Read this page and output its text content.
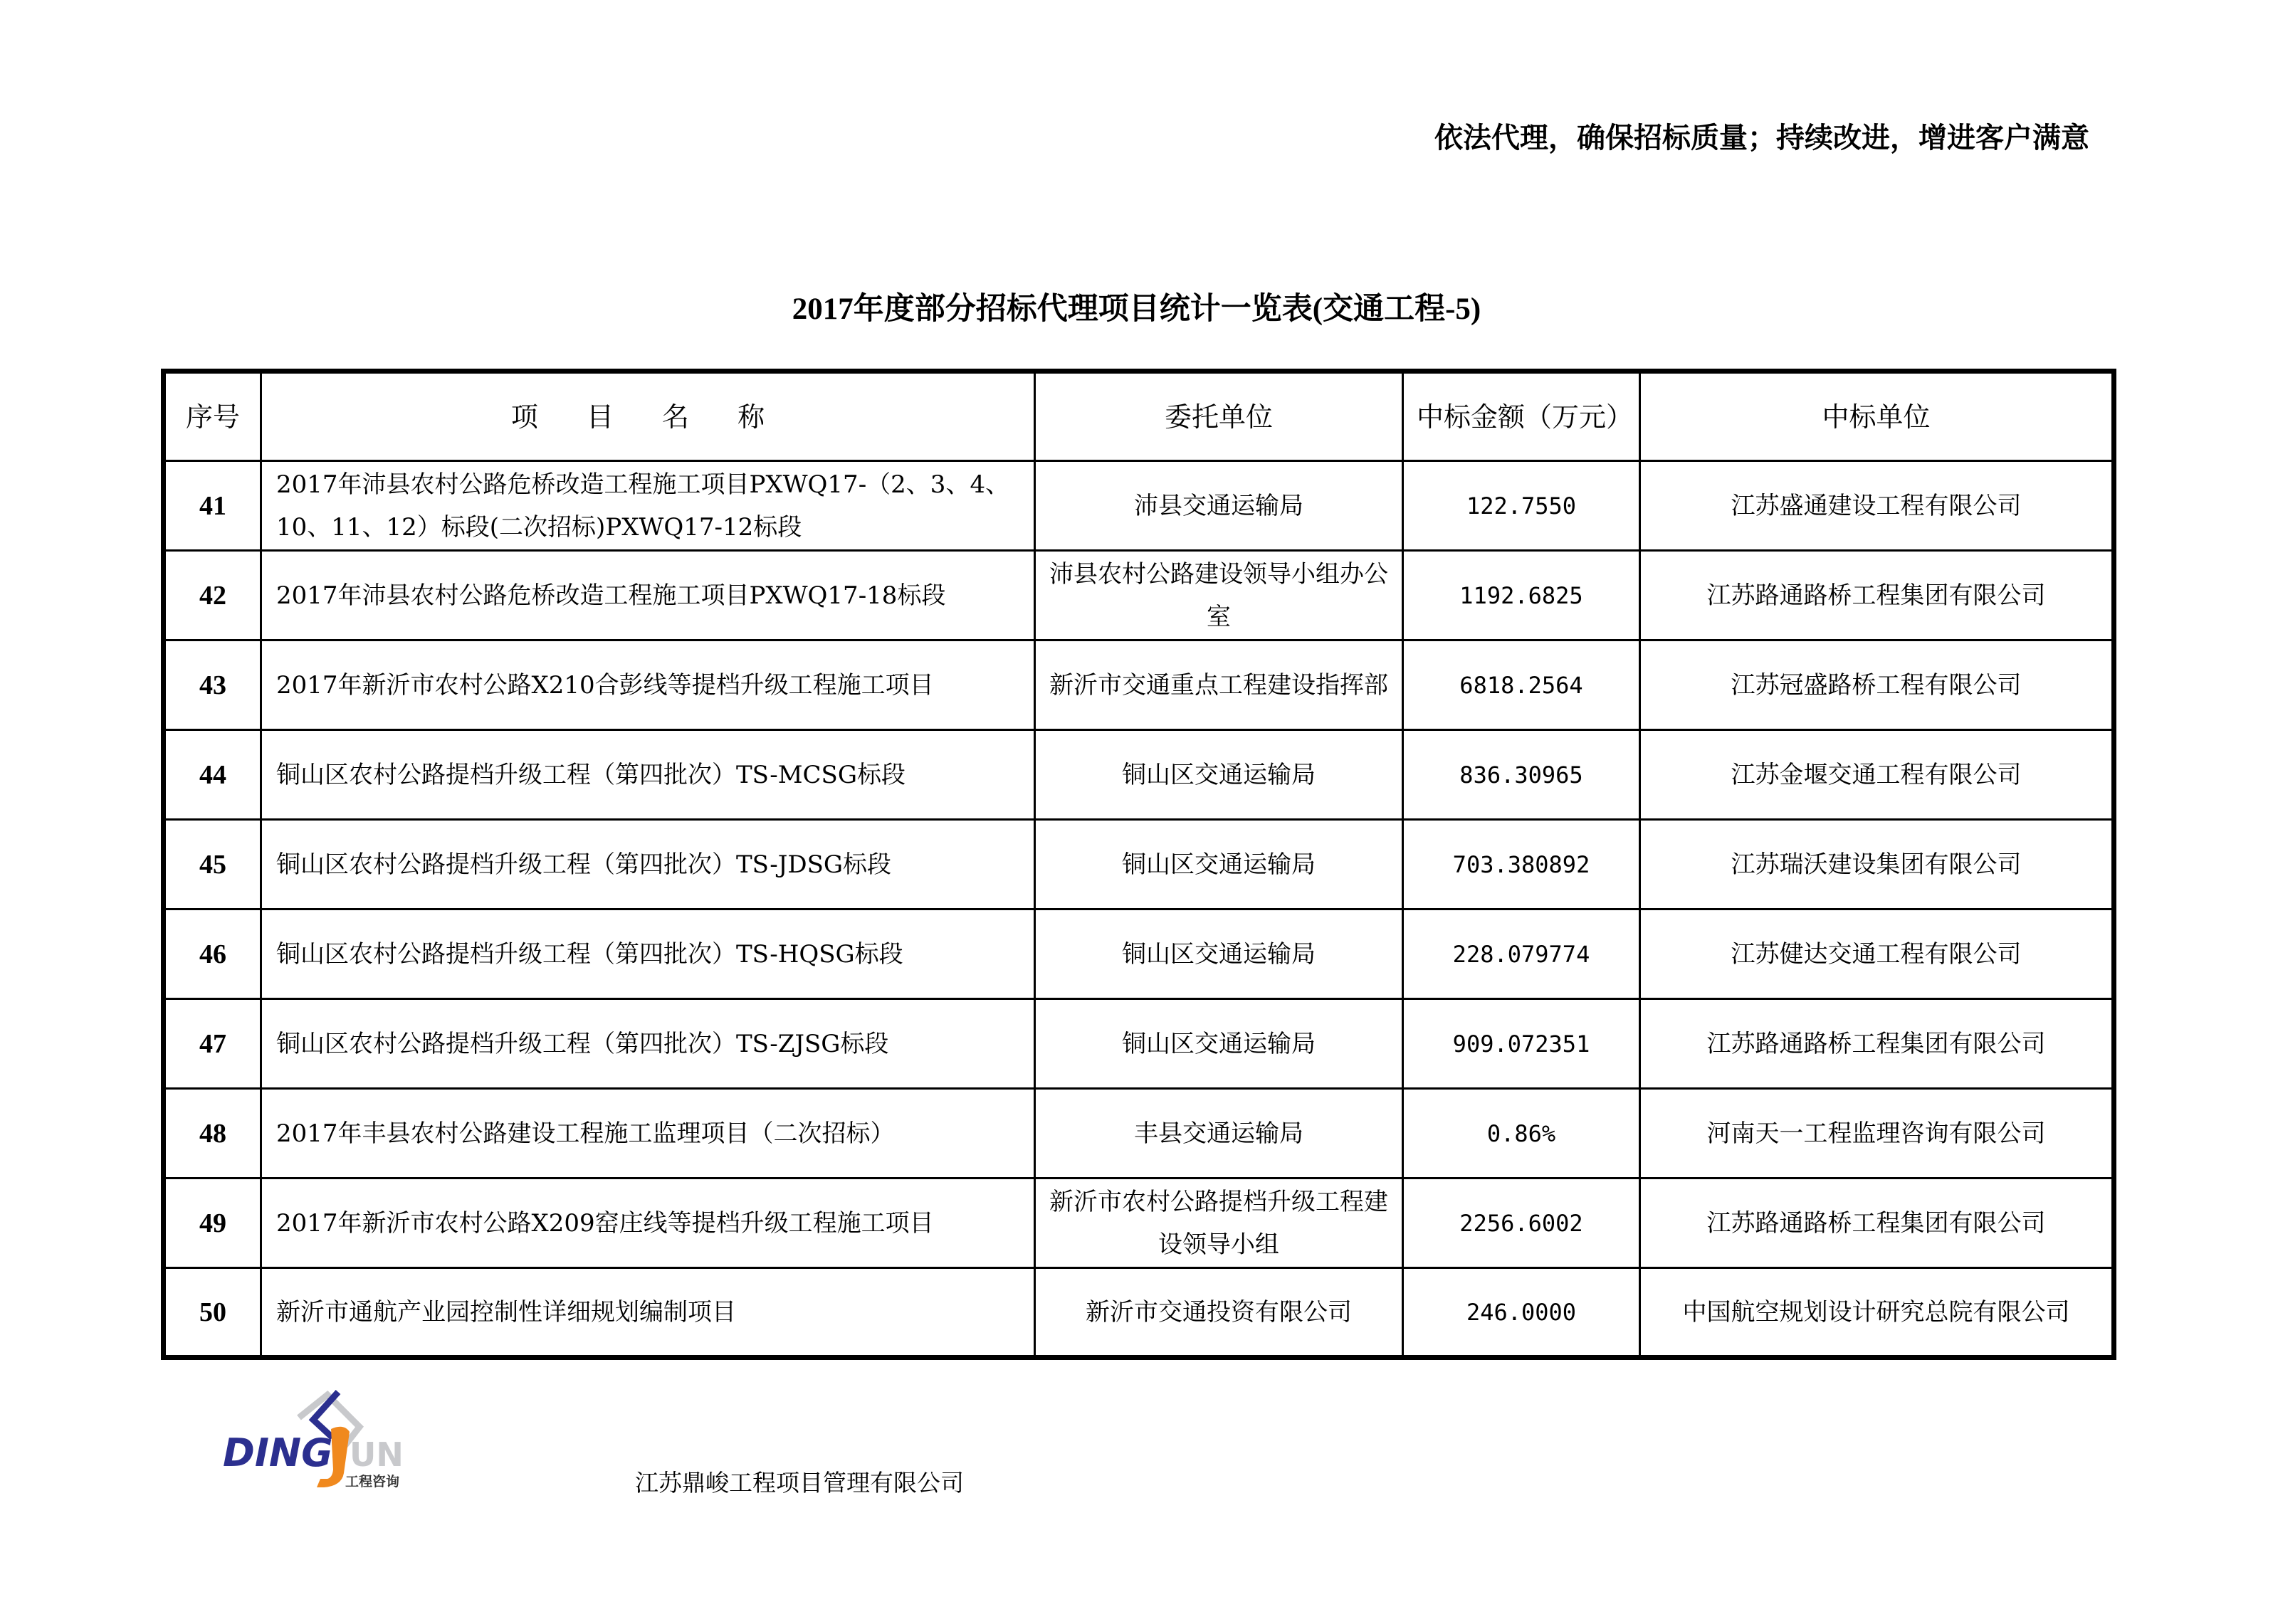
依法代理，确保招标质量；持续改进，增进客户满意
2017年度部分招标代理项目统计一览表(交通工程-5)
序号	项 目 名 称	委托单位	中标金额（万元）	中标单位
41	2017年沛县农村公路危桥改造工程施工项目PXWQ17-（2、3、4、10、11、12）标段(二次招标)PXWQ17-12标段	沛县交通运输局	122.7550	江苏盛通建设工程有限公司
42	2017年沛县农村公路危桥改造工程施工项目PXWQ17-18标段	沛县农村公路建设领导小组办公室	1192.6825	江苏路通路桥工程集团有限公司
43	2017年新沂市农村公路X210合彭线等提档升级工程施工项目	新沂市交通重点工程建设指挥部	6818.2564	江苏冠盛路桥工程有限公司
44	铜山区农村公路提档升级工程（第四批次）TS-MCSG标段	铜山区交通运输局	836.30965	江苏金堰交通工程有限公司
45	铜山区农村公路提档升级工程（第四批次）TS-JDSG标段	铜山区交通运输局	703.380892	江苏瑞沃建设集团有限公司
46	铜山区农村公路提档升级工程（第四批次）TS-HQSG标段	铜山区交通运输局	228.079774	江苏健达交通工程有限公司
47	铜山区农村公路提档升级工程（第四批次）TS-ZJSG标段	铜山区交通运输局	909.072351	江苏路通路桥工程集团有限公司
48	2017年丰县农村公路建设工程施工监理项目（二次招标）	丰县交通运输局	0.86%	河南天一工程监理咨询有限公司
49	2017年新沂市农村公路X209窑庄线等提档升级工程施工项目	新沂市农村公路提档升级工程建设领导小组	2256.6002	江苏路通路桥工程集团有限公司
50	新沂市通航产业园控制性详细规划编制项目	新沂市交通投资有限公司	246.0000	中国航空规划设计研究总院有限公司
DING UN
工程咨询	江苏鼎峻工程项目管理有限公司
